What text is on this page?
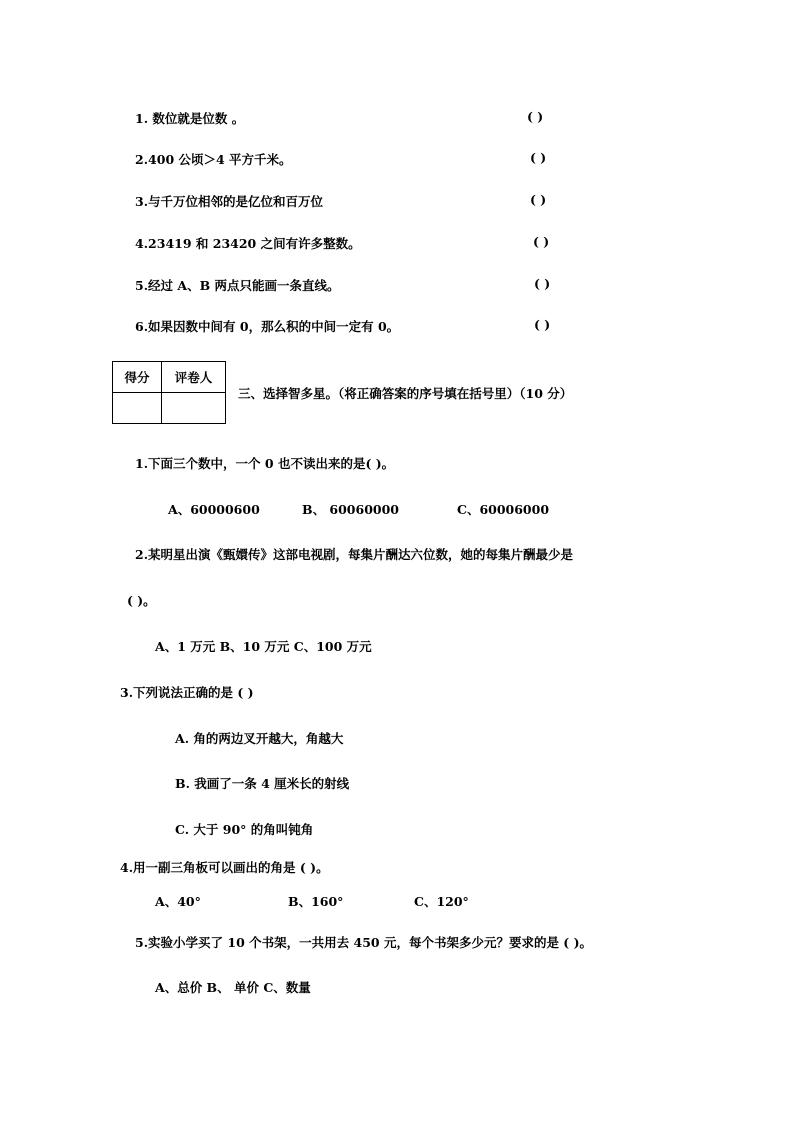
1. 数位就是位数 。	( )
2.400 公顷＞4 平方千米。	( )
3.与千万位相邻的是亿位和百万位	( )
4.23419 和 23420 之间有许多整数。	( )
5.经过 A、B 两点只能画一条直线。	( )
6.如果因数中间有 0，那么积的中间一定有 0。	( )
得分	评卷人

三、选择智多星。（将正确答案的序号填在括号里）（10 分）
1.下面三个数中，一个 0 也不读出来的是( )。
A、60000600	B、 60060000	C、60006000
2.某明星出演《甄嬛传》这部电视剧，每集片酬达六位数，她的每集片酬最少是
( )。
A、1 万元 B、10 万元 C、100 万元
3.下列说法正确的是 ( )
A. 角的两边叉开越大，角越大
B. 我画了一条 4 厘米长的射线
C. 大于 90° 的角叫钝角
4.用一副三角板可以画出的角是 ( )。
A、40°	B、160°	C、120°
5.实验小学买了 10 个书架，一共用去 450 元，每个书架多少元？要求的是 ( )。
A、总价 B、 单价 C、数量
